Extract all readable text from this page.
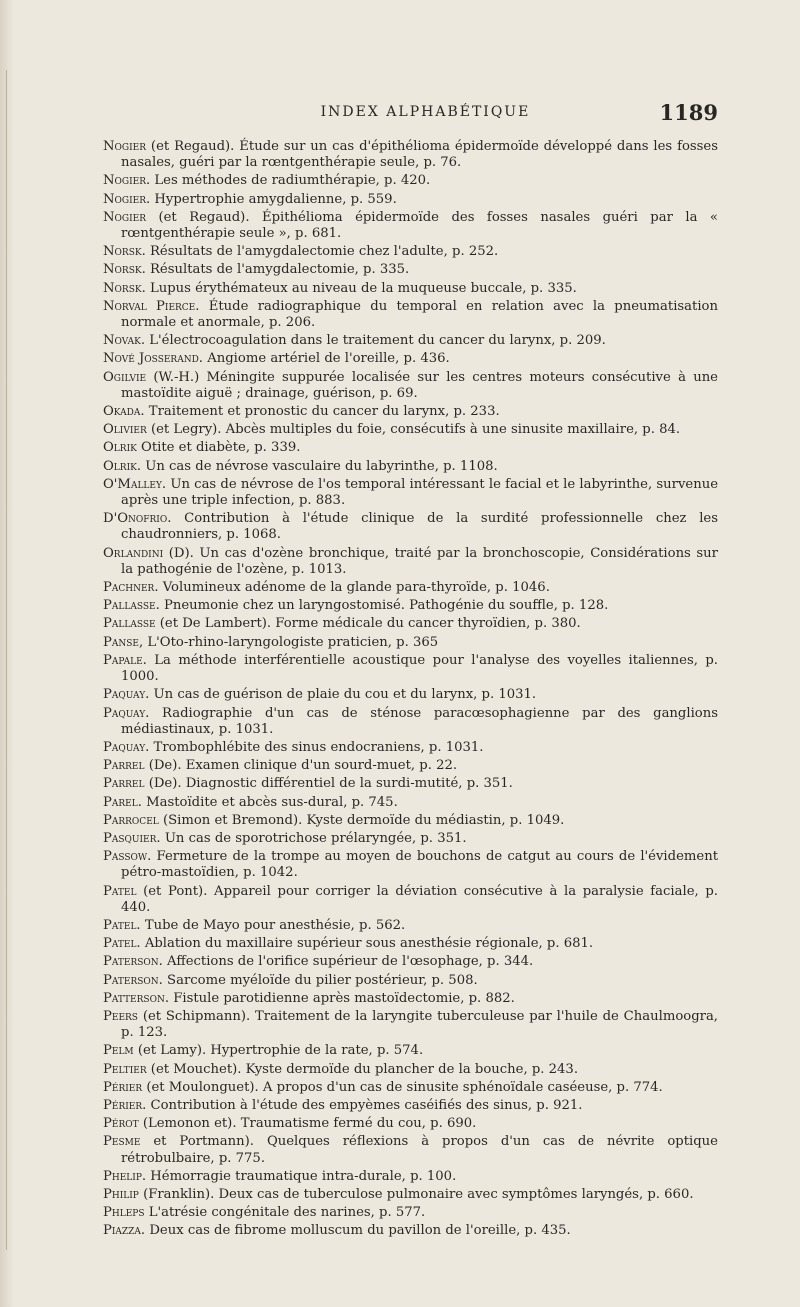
INDEX ALPHABÉTIQUE	1189
Nogier (et Regaud). Étude sur un cas d'épithélioma épidermoïde développé dans les fosses nasales, guéri par la rœntgenthérapie seule, p. 76.
Nogier. Les méthodes de radiumthérapie, p. 420.
Nogier. Hypertrophie amygdalienne, p. 559.
Nogier (et Regaud). Épithélioma épidermoïde des fosses nasales guéri par la « rœntgenthérapie seule », p. 681.
Norsk. Résultats de l'amygdalectomie chez l'adulte, p. 252.
Norsk. Résultats de l'amygdalectomie, p. 335.
Norsk. Lupus érythémateux au niveau de la muqueuse buccale, p. 335.
Norval Pierce. Étude radiographique du temporal en relation avec la pneumatisation normale et anormale, p. 206.
Novak. L'électrocoagulation dans le traitement du cancer du larynx, p. 209.
Nové Josserand. Angiome artériel de l'oreille, p. 436.
Ogilvie (W.-H.) Méningite suppurée localisée sur les centres moteurs consécutive à une mastoïdite aiguë ; drainage, guérison, p. 69.
Okada. Traitement et pronostic du cancer du larynx, p. 233.
Olivier (et Legry). Abcès multiples du foie, consécutifs à une sinusite maxillaire, p. 84.
Olrik Otite et diabète, p. 339.
Olrik. Un cas de névrose vasculaire du labyrinthe, p. 1108.
O'Malley. Un cas de névrose de l'os temporal intéressant le facial et le labyrinthe, survenue après une triple infection, p. 883.
D'Onofrio. Contribution à l'étude clinique de la surdité professionnelle chez les chaudronniers, p. 1068.
Orlandini (D). Un cas d'ozène bronchique, traité par la bronchoscopie, Considérations sur la pathogénie de l'ozène, p. 1013.
Pachner. Volumineux adénome de la glande para-thyroïde, p. 1046.
Pallasse. Pneumonie chez un laryngostomisé. Pathogénie du souffle, p. 128.
Pallasse (et De Lambert). Forme médicale du cancer thyroïdien, p. 380.
Panse, L'Oto-rhino-laryngologiste praticien, p. 365
Papale. La méthode interférentielle acoustique pour l'analyse des voyelles italiennes, p. 1000.
Paquay. Un cas de guérison de plaie du cou et du larynx, p. 1031.
Paquay. Radiographie d'un cas de sténose paracœsophagienne par des ganglions médiastinaux, p. 1031.
Paquay. Trombophlébite des sinus endocraniens, p. 1031.
Parrel (De). Examen clinique d'un sourd-muet, p. 22.
Parrel (De). Diagnostic différentiel de la surdi-mutité, p. 351.
Parel. Mastoïdite et abcès sus-dural, p. 745.
Parrocel (Simon et Bremond). Kyste dermoïde du médiastin, p. 1049.
Pasquier. Un cas de sporotrichose prélaryngée, p. 351.
Passow. Fermeture de la trompe au moyen de bouchons de catgut au cours de l'évidement pétro-mastoïdien, p. 1042.
Patel (et Pont). Appareil pour corriger la déviation consécutive à la paralysie faciale, p. 440.
Patel. Tube de Mayo pour anesthésie, p. 562.
Patel. Ablation du maxillaire supérieur sous anesthésie régionale, p. 681.
Paterson. Affections de l'orifice supérieur de l'œsophage, p. 344.
Paterson. Sarcome myéloïde du pilier postérieur, p. 508.
Patterson. Fistule parotidienne après mastoïdectomie, p. 882.
Peers (et Schipmann). Traitement de la laryngite tuberculeuse par l'huile de Chaulmoogra, p. 123.
Pelm (et Lamy). Hypertrophie de la rate, p. 574.
Peltier (et Mouchet). Kyste dermoïde du plancher de la bouche, p. 243.
Périer (et Moulonguet). A propos d'un cas de sinusite sphénoïdale caséeuse, p. 774.
Périer. Contribution à l'étude des empyèmes caséifiés des sinus, p. 921.
Pérot (Lemonon et). Traumatisme fermé du cou, p. 690.
Pesme et Portmann). Quelques réflexions à propos d'un cas de névrite optique rétrobulbaire, p. 775.
Phelip. Hémorragie traumatique intra-durale, p. 100.
Philip (Franklin). Deux cas de tuberculose pulmonaire avec symptômes laryngés, p. 660.
Phleps L'atrésie congénitale des narines, p. 577.
Piazza. Deux cas de fibrome molluscum du pavillon de l'oreille, p. 435.
